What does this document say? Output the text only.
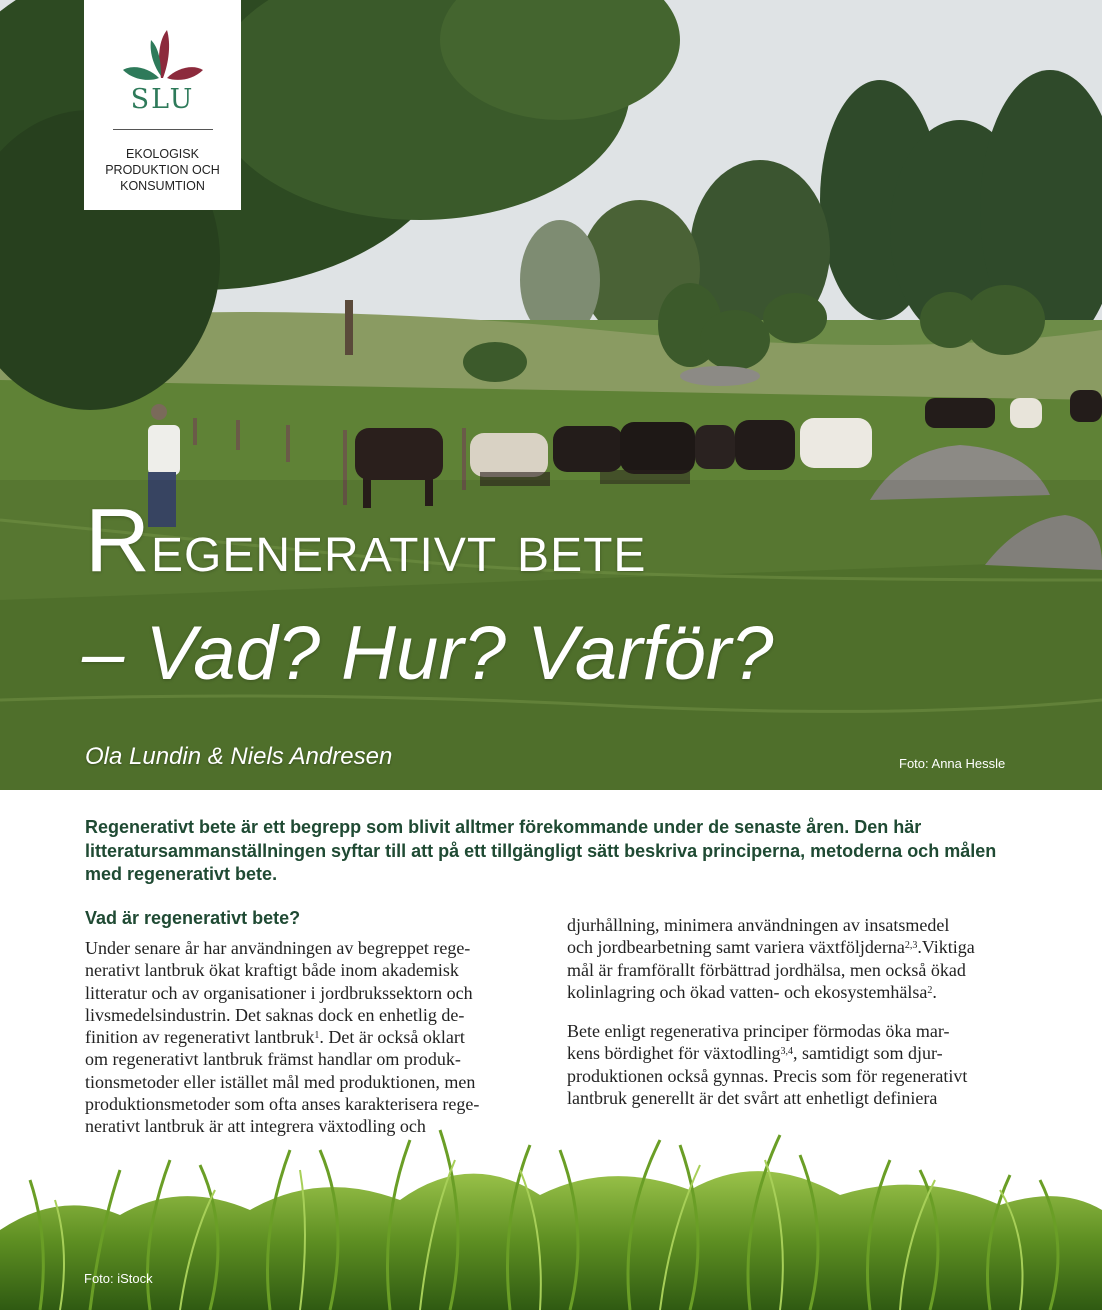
SLU
EKOLOGISK
PRODUKTION OCH
KONSUMTION
Regenerativt bete
– Vad? Hur? Varför?
Ola Lundin & Niels Andresen	Foto: Anna Hessle
Regenerativt bete är ett begrepp som blivit alltmer förekommande under de senaste åren. Den här litteratursammanställningen syftar till att på ett tillgängligt sätt beskriva principerna, metoderna och målen med regenerativt bete.
Vad är regenerativt bete?
Under senare år har användningen av begreppet rege-
nerativt lantbruk ökat kraftigt både inom akademisk
litteratur och av organisationer i jordbrukssektorn och
livsmedelsindustrin. Det saknas dock en enhetlig de-
finition av regenerativt lantbruk$^1$. Det är också oklart
om regenerativt lantbruk främst handlar om produk-
tionsmetoder eller istället mål med produktionen, men
produktionsmetoder som ofta anses karakterisera rege-
nerativt lantbruk är att integrera växtodling och
djurhållning, minimera användningen av insatsmedel
och jordbearbetning samt variera växtföljderna$^{2,3}$.Viktiga
mål är framförallt förbättrad jordhälsa, men också ökad
kolinlagring och ökad vatten- och ekosystemhälsa$^2$.
Bete enligt regenerativa principer förmodas öka mar-
kens bördighet för växtodling$^{3,4}$, samtidigt som djur-
produktionen också gynnas. Precis som för regenerativt
lantbruk generellt är det svårt att enhetligt definiera
Foto: iStock
